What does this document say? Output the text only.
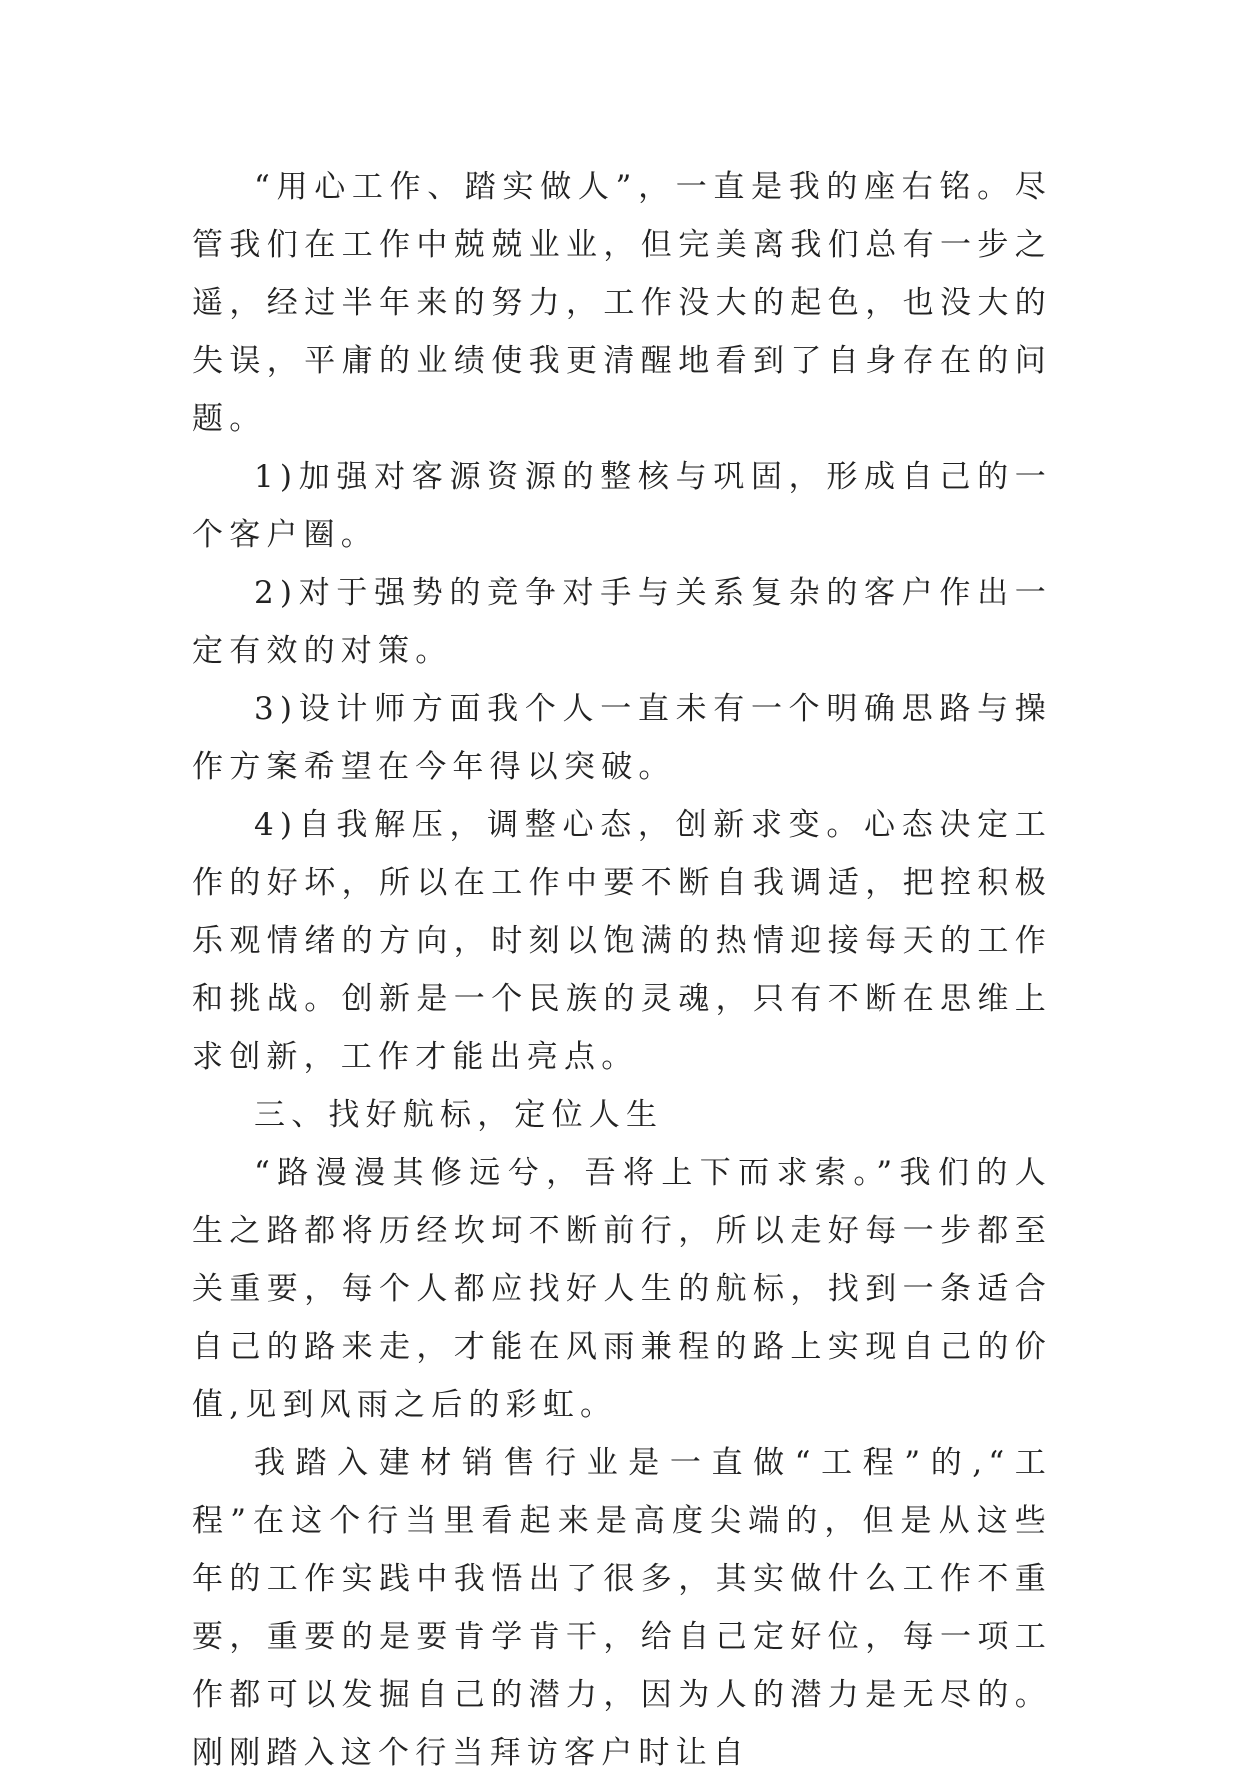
“用心工作、踏实做人”，一直是我的座右铭。尽管我们在工作中兢兢业业，但完美离我们总有一步之遥，经过半年来的努力，工作没大的起色，也没大的失误，平庸的业绩使我更清醒地看到了自身存在的问题。

1)加强对客源资源的整核与巩固，形成自己的一个客户圈。

2)对于强势的竞争对手与关系复杂的客户作出一定有效的对策。

3)设计师方面我个人一直未有一个明确思路与操作方案希望在今年得以突破。

4)自我解压，调整心态，创新求变。心态决定工作的好坏，所以在工作中要不断自我调适，把控积极乐观情绪的方向，时刻以饱满的热情迎接每天的工作和挑战。创新是一个民族的灵魂，只有不断在思维上求创新，工作才能出亮点。

三、找好航标，定位人生

“路漫漫其修远兮，吾将上下而求索。”我们的人生之路都将历经坎坷不断前行，所以走好每一步都至关重要，每个人都应找好人生的航标，找到一条适合自己的路来走，才能在风雨兼程的路上实现自己的价值,见到风雨之后的彩虹。

我踏入建材销售行业是一直做“工程”的,“工程”在这个行当里看起来是高度尖端的，但是从这些年的工作实践中我悟出了很多，其实做什么工作不重要，重要的是要肯学肯干，给自己定好位，每一项工作都可以发掘自己的潜力，因为人的潜力是无尽的。刚刚踏入这个行当拜访客户时让自
